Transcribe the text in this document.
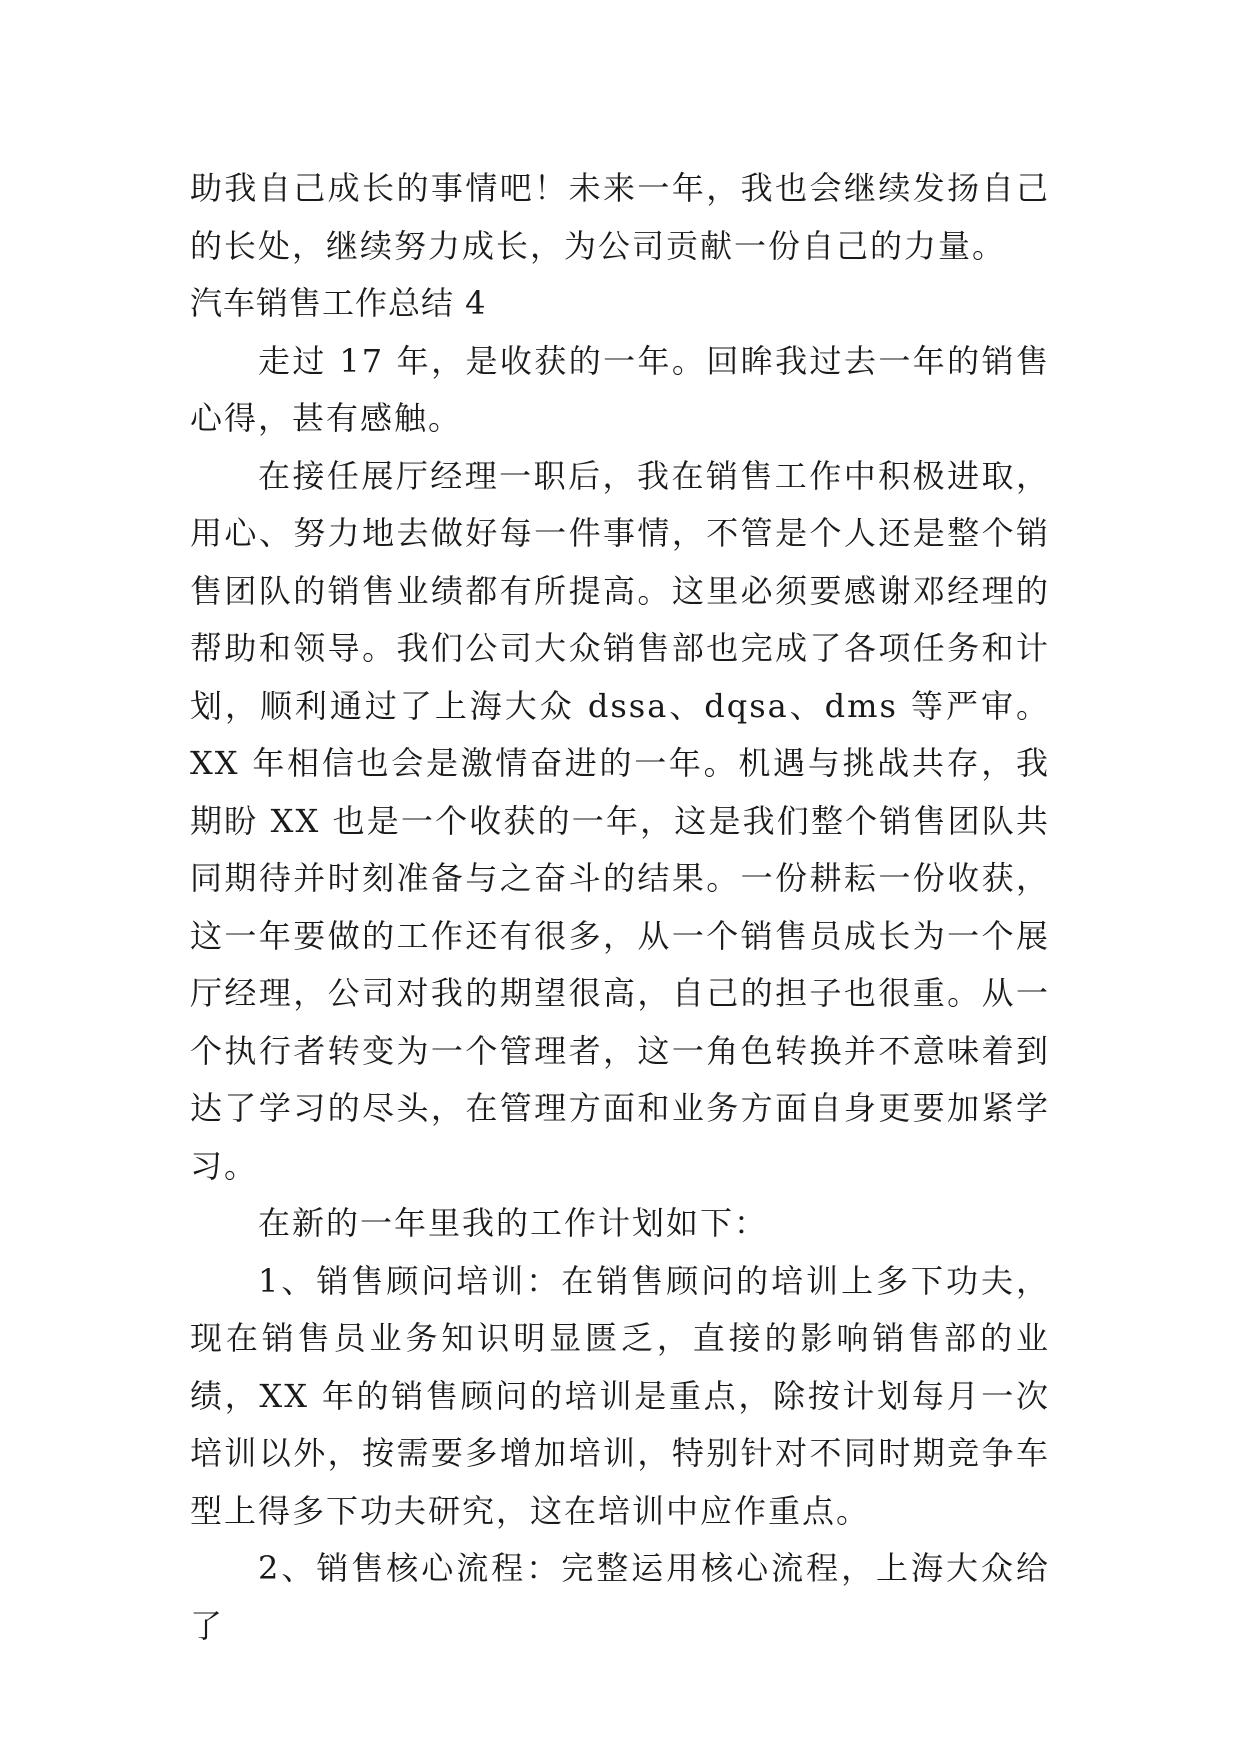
助我自己成长的事情吧！未来一年，我也会继续发扬自己的长处，继续努力成长，为公司贡献一份自己的力量。

汽车销售工作总结 4

走过 17 年，是收获的一年。回眸我过去一年的销售心得，甚有感触。

在接任展厅经理一职后，我在销售工作中积极进取，用心、努力地去做好每一件事情，不管是个人还是整个销售团队的销售业绩都有所提高。这里必须要感谢邓经理的帮助和领导。我们公司大众销售部也完成了各项任务和计划，顺利通过了上海大众 dssa、dqsa、dms 等严审。XX 年相信也会是激情奋进的一年。机遇与挑战共存，我期盼 XX 也是一个收获的一年，这是我们整个销售团队共同期待并时刻准备与之奋斗的结果。一份耕耘一份收获，这一年要做的工作还有很多，从一个销售员成长为一个展厅经理，公司对我的期望很高，自己的担子也很重。从一个执行者转变为一个管理者，这一角色转换并不意味着到达了学习的尽头，在管理方面和业务方面自身更要加紧学习。

在新的一年里我的工作计划如下：

1、销售顾问培训：在销售顾问的培训上多下功夫，现在销售员业务知识明显匮乏，直接的影响销售部的业绩，XX 年的销售顾问的培训是重点，除按计划每月一次培训以外，按需要多增加培训，特别针对不同时期竞争车型上得多下功夫研究，这在培训中应作重点。

2、销售核心流程：完整运用核心流程，上海大众给了
